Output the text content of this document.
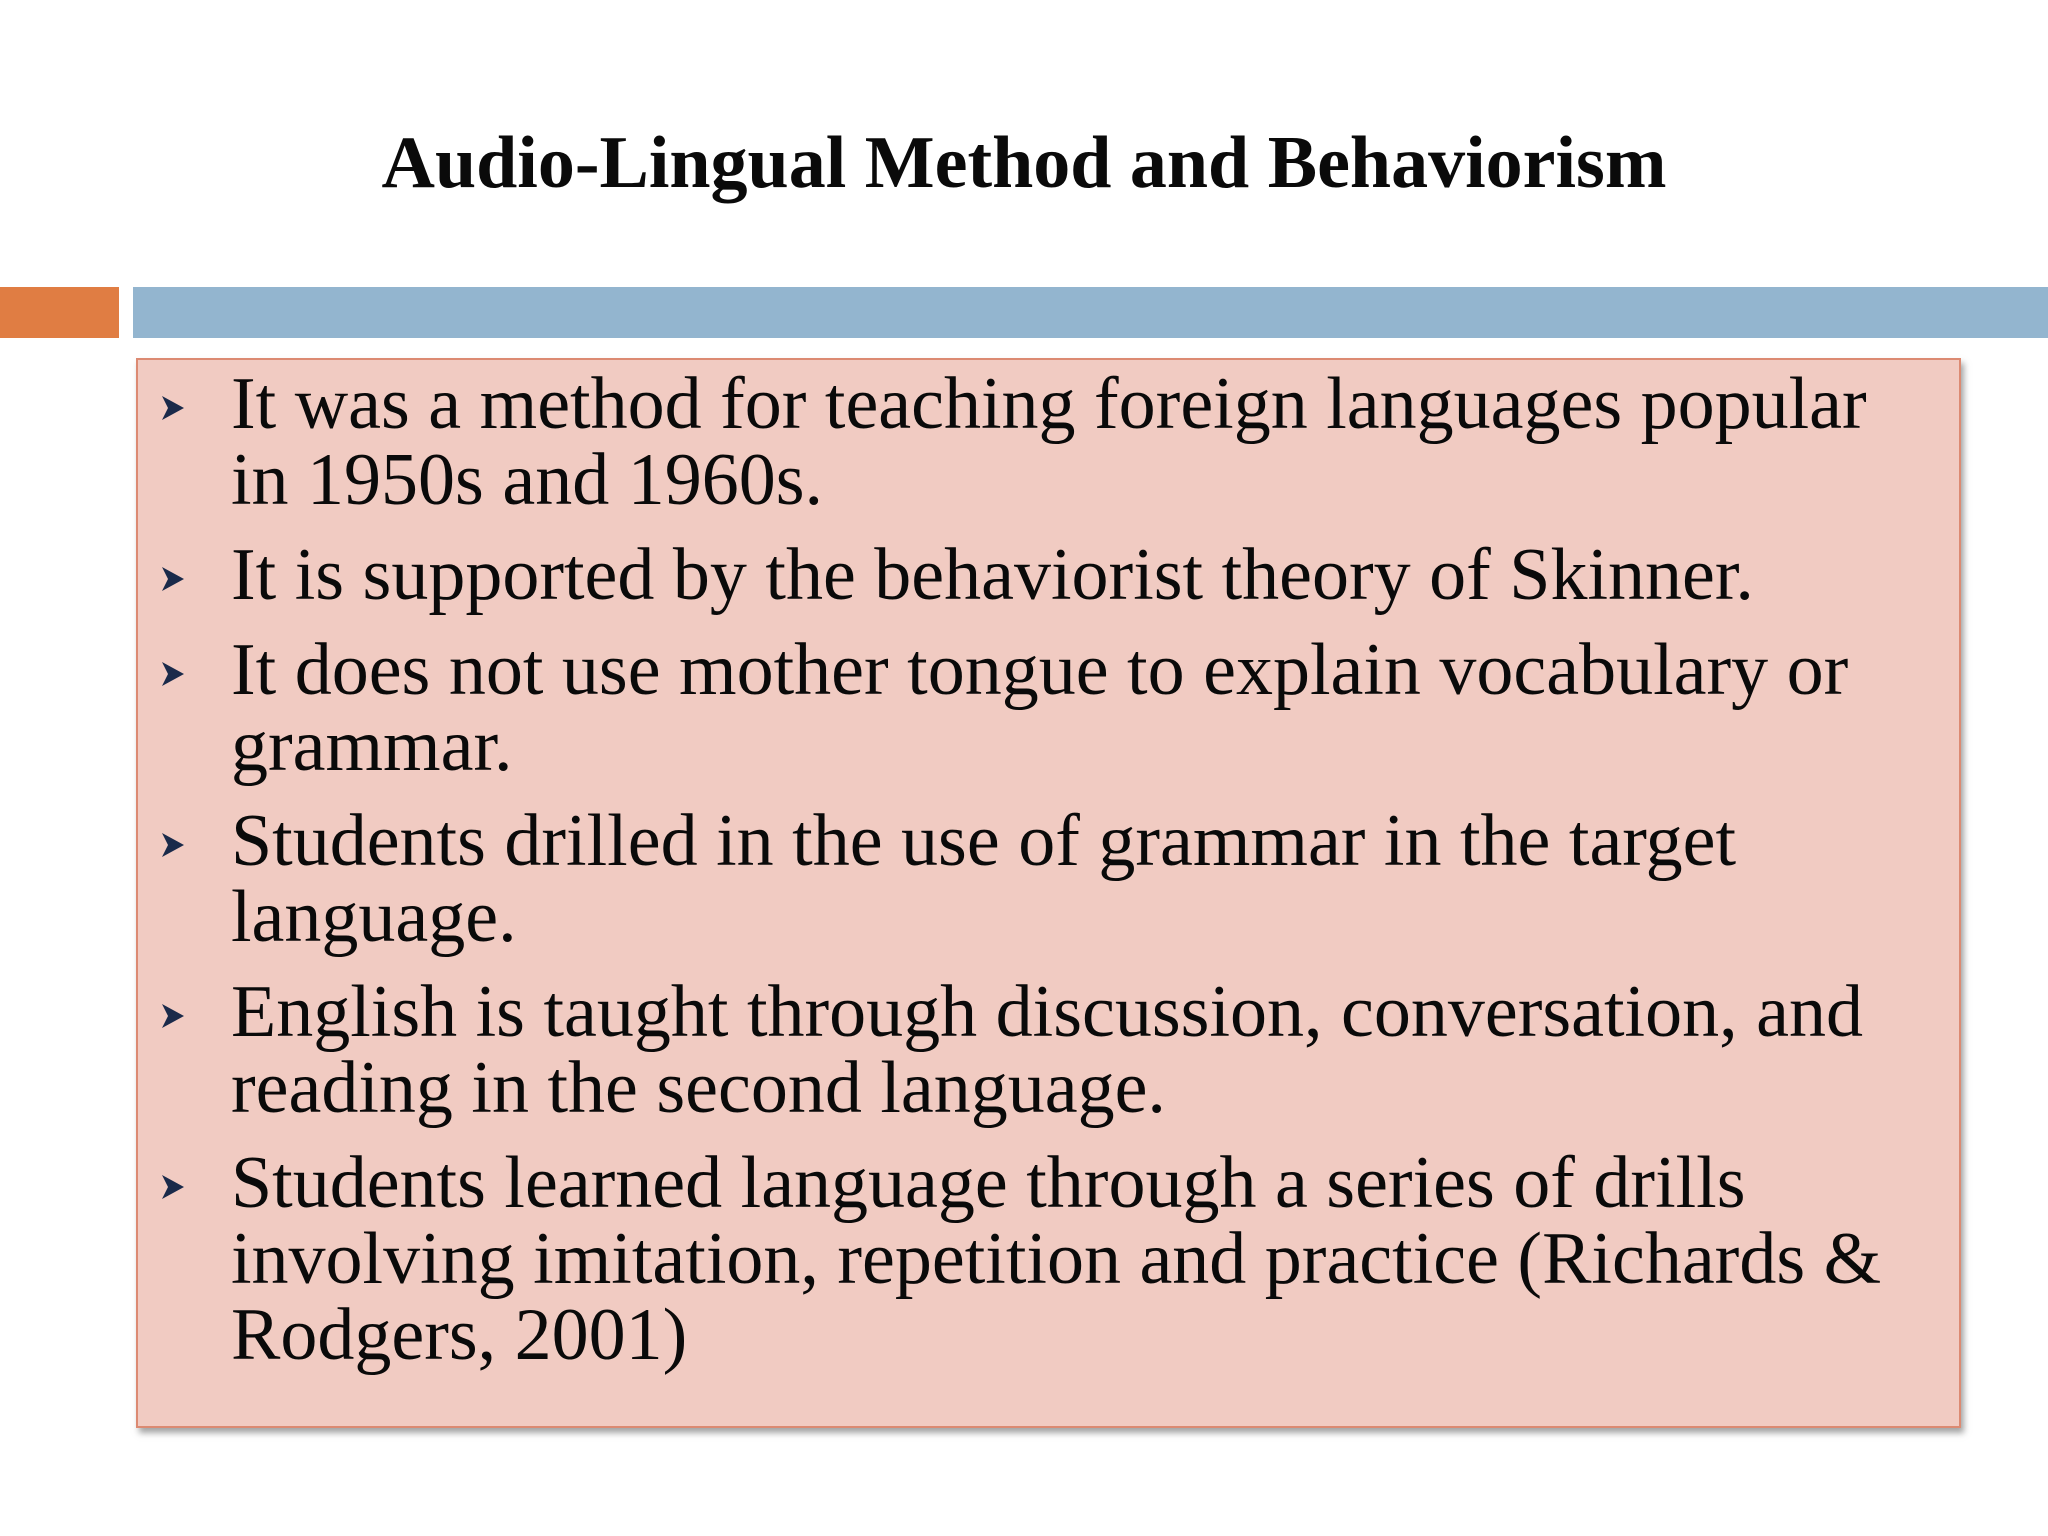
Audio-Lingual Method and Behaviorism
It was a method for teaching foreign languages popular in 1950s and 1960s.
It is supported by the behaviorist theory of Skinner.
It does not use mother tongue to explain vocabulary or grammar.
Students drilled in the use of grammar in the target language.
English is taught through discussion, conversation, and reading in the second language.
Students learned language through a series of drills involving imitation, repetition and practice (Richards & Rodgers, 2001)
